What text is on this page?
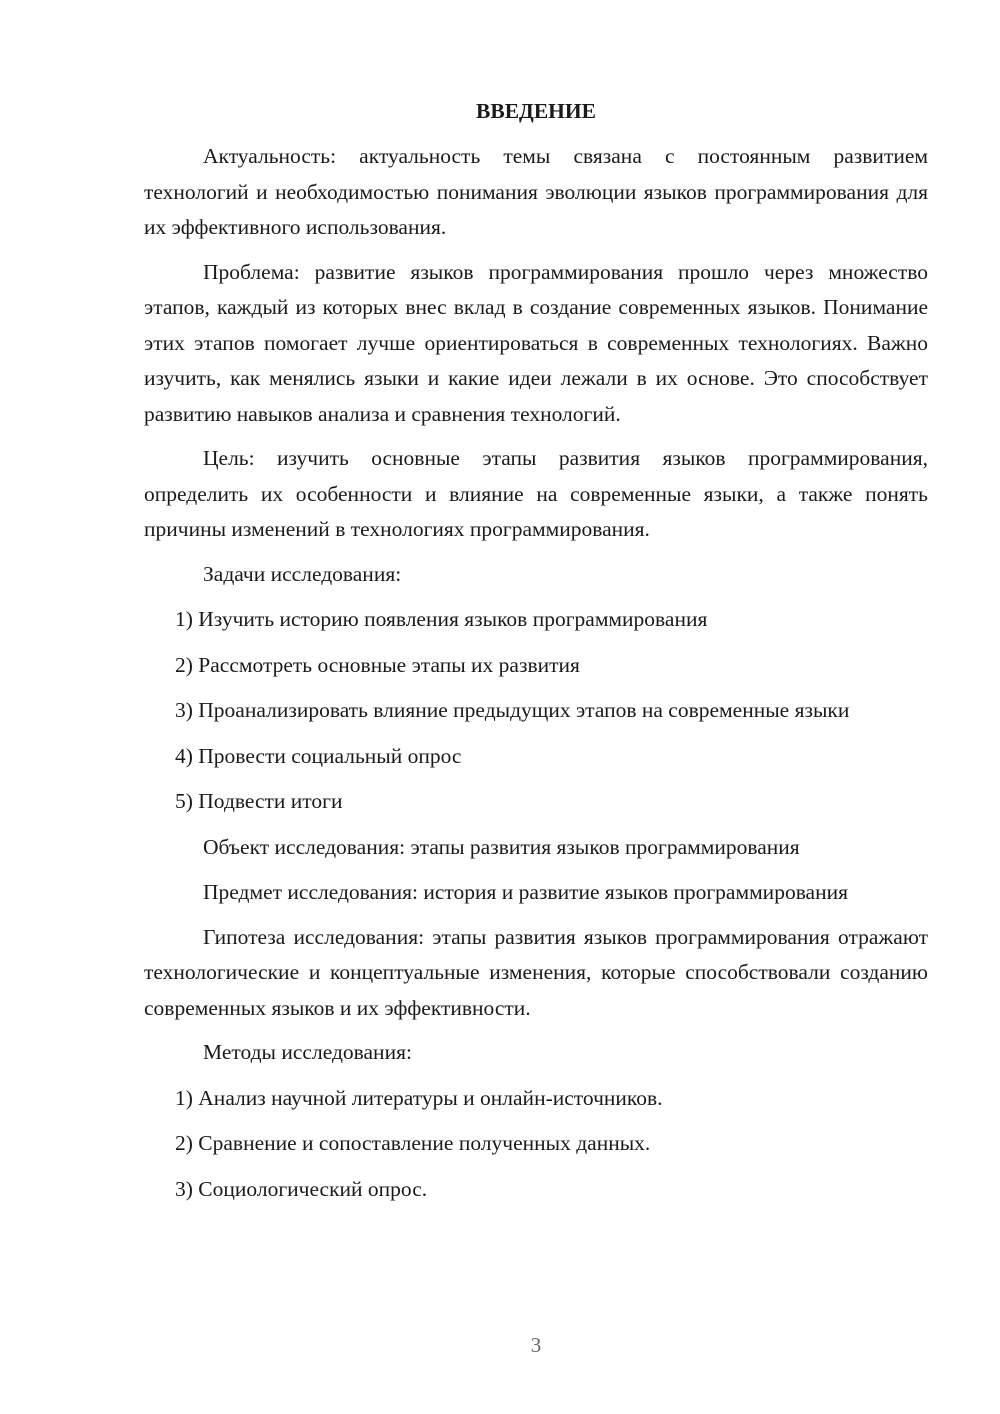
ВВЕДЕНИЕ
Актуальность: актуальность темы связана с постоянным развитием технологий и необходимостью понимания эволюции языков программирования для их эффективного использования.
Проблема: развитие языков программирования прошло через множество этапов, каждый из которых внес вклад в создание современных языков. Понимание этих этапов помогает лучше ориентироваться в современных технологиях. Важно изучить, как менялись языки и какие идеи лежали в их основе. Это способствует развитию навыков анализа и сравнения технологий.
Цель: изучить основные этапы развития языков программирования, определить их особенности и влияние на современные языки, а также понять причины изменений в технологиях программирования.
Задачи исследования:
1) Изучить историю появления языков программирования
2) Рассмотреть основные этапы их развития
3) Проанализировать влияние предыдущих этапов на современные языки
4) Провести социальный опрос
5) Подвести итоги
Объект исследования: этапы развития языков программирования
Предмет исследования: история и развитие языков программирования
Гипотеза исследования: этапы развития языков программирования отражают технологические и концептуальные изменения, которые способствовали созданию современных языков и их эффективности.
Методы исследования:
1) Анализ научной литературы и онлайн-источников.
2) Сравнение и сопоставление полученных данных.
3) Социологический опрос.
3
